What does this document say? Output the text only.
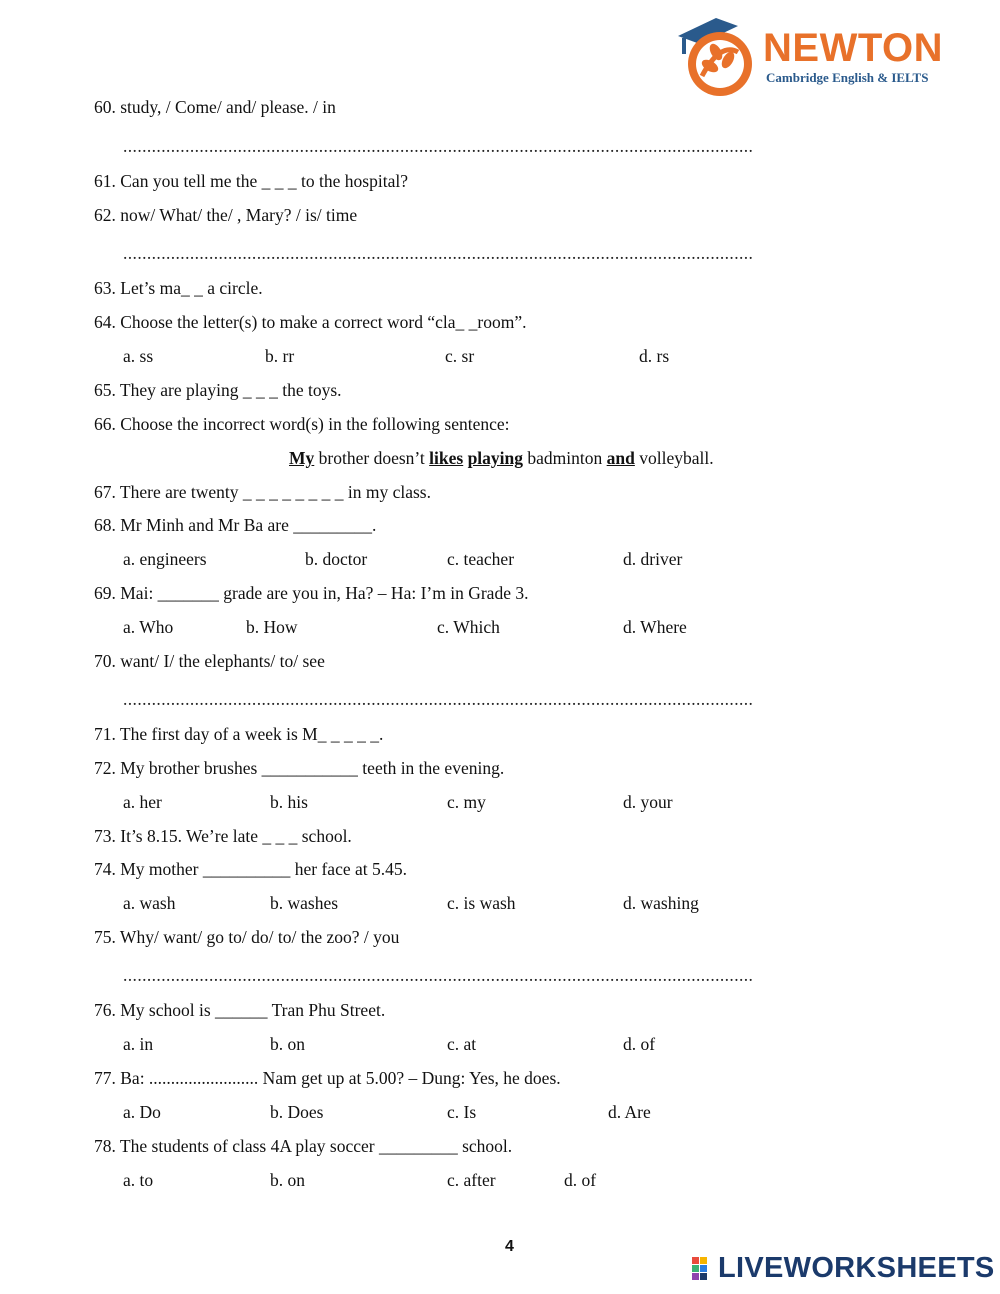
NEWTON

Cambridge English & IELTS

60. study, / Come/ and/ please. / in

....................................................................................................................................

61. Can you tell me the _ _ _ to the hospital?

62. now/ What/ the/ , Mary? / is/ time

....................................................................................................................................

63. Let’s ma_ _ a circle.

64. Choose the letter(s) to make a correct word “cla_ _room”.

a. ss	b. rr	c. sr	d. rs

65. They are playing _ _ _ the toys.

66. Choose the incorrect word(s) in the following sentence:

My brother doesn’t likes playing badminton and volleyball.

67. There are twenty _ _ _ _ _ _ _ _ in my class.

68. Mr Minh and Mr Ba are _________.

a. engineers	b. doctor	c. teacher	d. driver

69. Mai: _______ grade are you in, Ha? – Ha: I’m in Grade 3.

a. Who	b. How	c. Which	d. Where

70. want/ I/ the elephants/ to/ see

....................................................................................................................................

71. The first day of a week is M_ _ _ _ _.

72. My brother brushes ___________ teeth in the evening.

a. her	b. his	c. my	d. your

73. It’s 8.15. We’re late _ _ _ school.

74. My mother __________ her face at 5.45.

a. wash	b. washes	c. is wash	d. washing

75. Why/ want/ go to/ do/ to/ the zoo? / you

....................................................................................................................................

76. My school is ______ Tran Phu Street.

a. in	b. on	c. at	d. of

77. Ba: ......................... Nam get up at 5.00? – Dung: Yes, he does.

a. Do	b. Does	c. Is	d. Are

78. The students of class 4A play soccer _________ school.

a. to	b. on	c. after	d. of

4

LIVEWORKSHEETS
